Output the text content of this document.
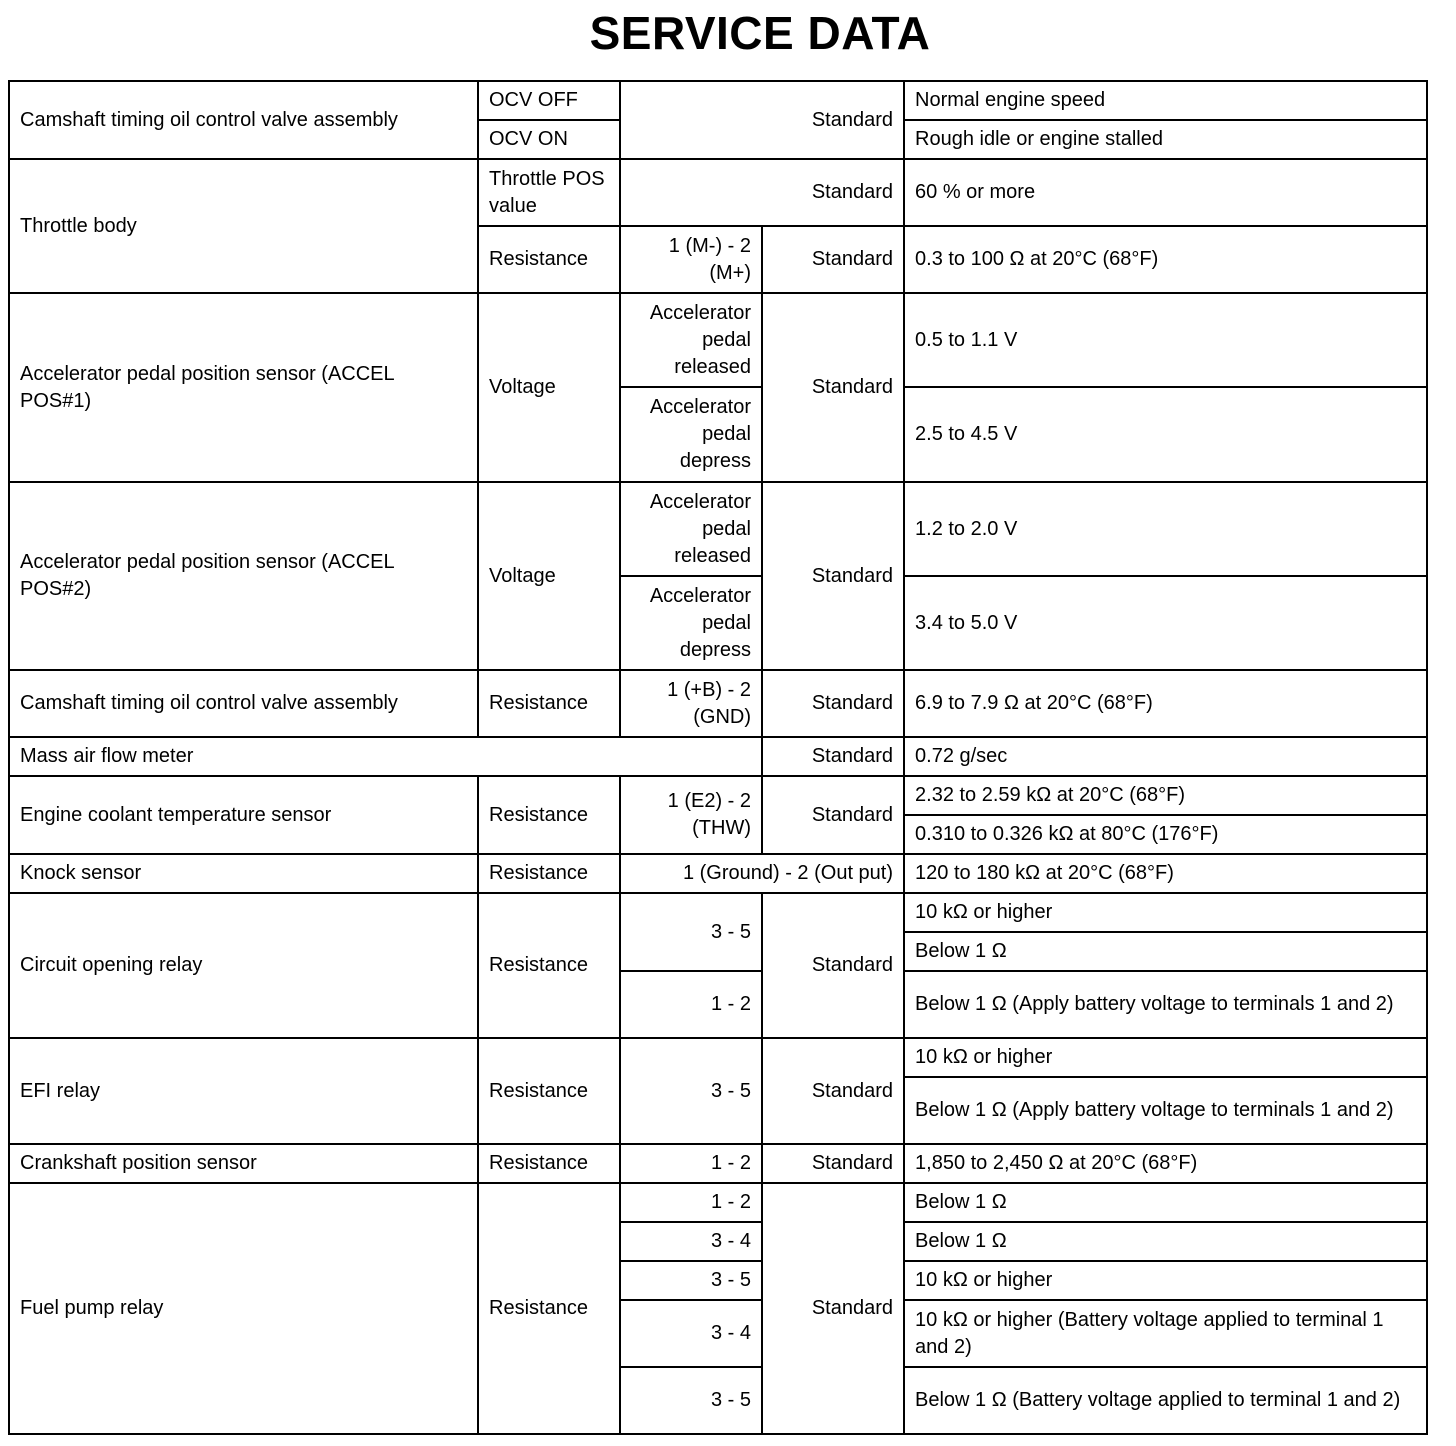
SERVICE DATA
Camshaft timing oil control valve assembly	OCV OFF	Standard		Normal engine speed
	OCV ON			Rough idle or engine stalled
Throttle body	Throttle POS value	Standard		60 % or more
	Resistance	1 (M-) - 2 (M+)	Standard	0.3 to 100 Ω at 20°C (68°F)
Accelerator pedal position sensor (ACCEL POS#1)	Voltage	Accelerator pedal released	Standard	0.5 to 1.1 V
		Accelerator pedal depress		2.5 to 4.5 V
Accelerator pedal position sensor (ACCEL POS#2)	Voltage	Accelerator pedal released	Standard	1.2 to 2.0 V
		Accelerator pedal depress		3.4 to 5.0 V
Camshaft timing oil control valve assembly	Resistance	1 (+B) - 2 (GND)	Standard	6.9 to 7.9 Ω at 20°C (68°F)
Mass air flow meter			Standard	0.72 g/sec
Engine coolant temperature sensor	Resistance	1 (E2) - 2 (THW)	Standard	2.32 to 2.59 kΩ at 20°C (68°F)
				0.310 to 0.326 kΩ at 80°C (176°F)
Knock sensor	Resistance	1 (Ground) - 2 (Out put)		120 to 180 kΩ at 20°C (68°F)
Circuit opening relay	Resistance	3 - 5	Standard	10 kΩ or higher
				Below 1 Ω
		1 - 2		Below 1 Ω (Apply battery voltage to terminals 1 and 2)
EFI relay	Resistance	3 - 5	Standard	10 kΩ or higher
				Below 1 Ω (Apply battery voltage to terminals 1 and 2)
Crankshaft position sensor	Resistance	1 - 2	Standard	1,850 to 2,450 Ω at 20°C (68°F)
Fuel pump relay	Resistance	1 - 2	Standard	Below 1 Ω
		3 - 4		Below 1 Ω
		3 - 5		10 kΩ or higher
		3 - 4		10 kΩ or higher (Battery voltage applied to terminal 1 and 2)
		3 - 5		Below 1 Ω (Battery voltage applied to terminal 1 and 2)
